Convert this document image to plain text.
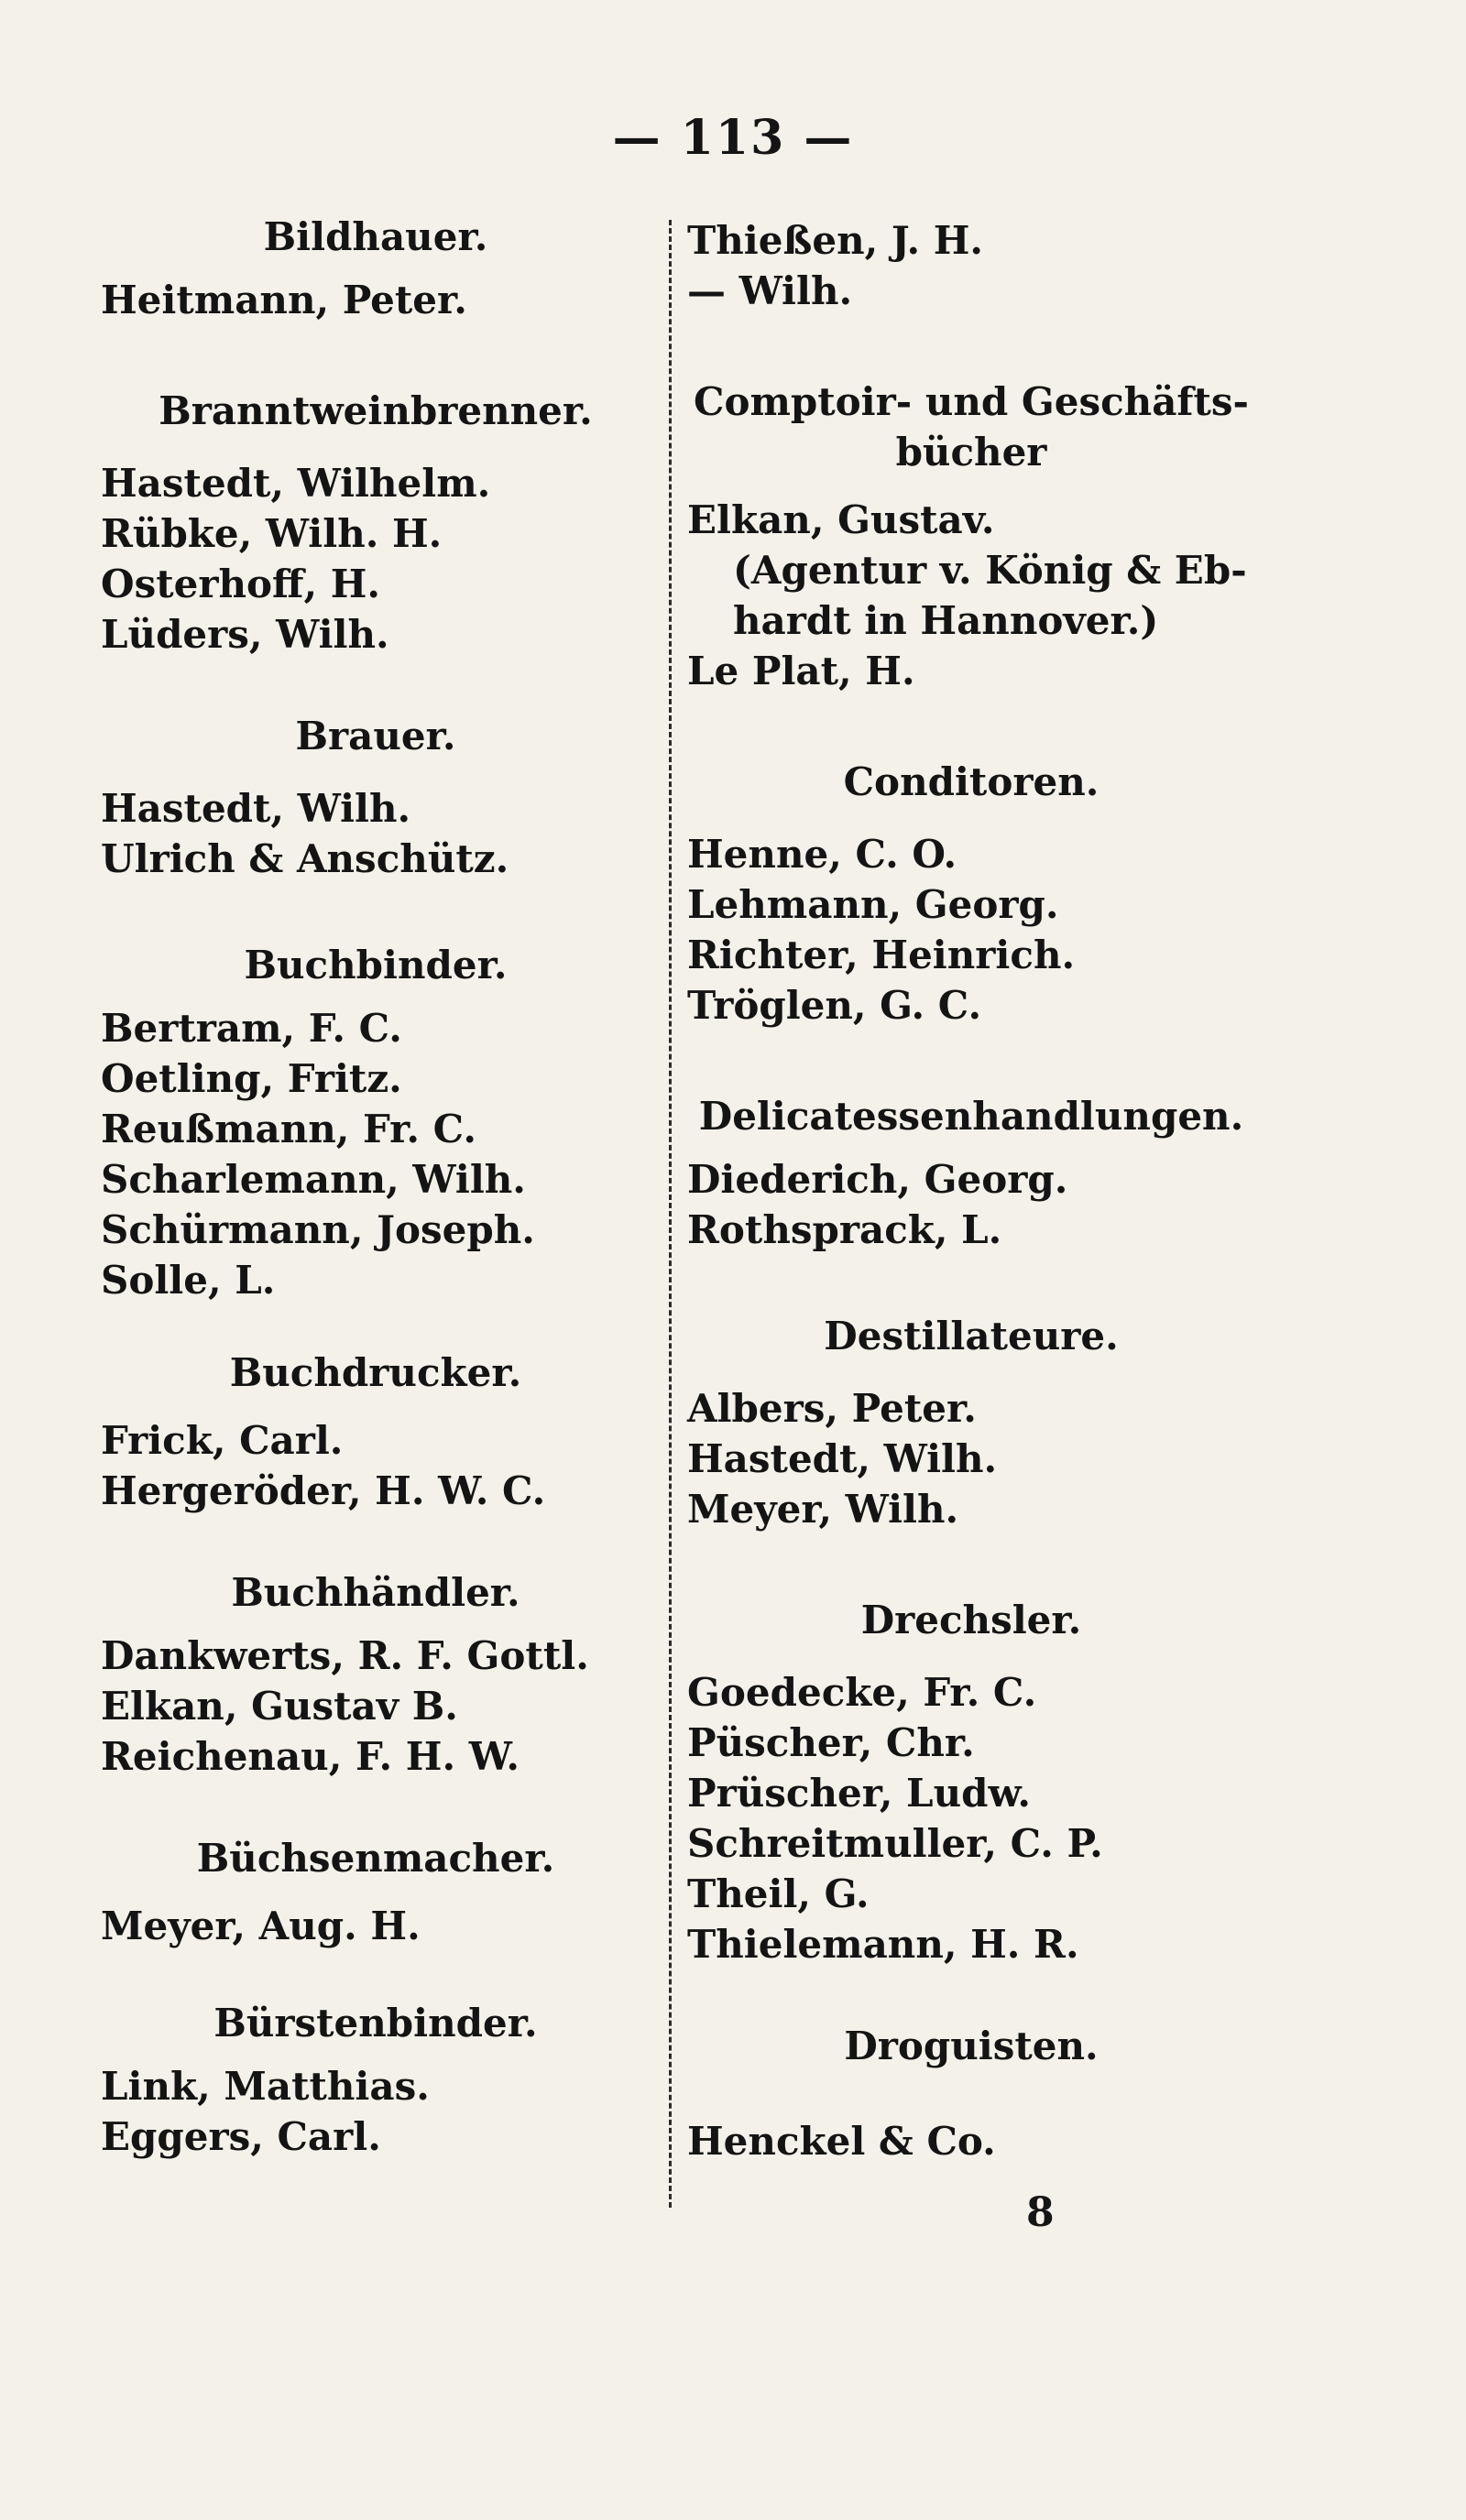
— 113 —
Bildhauer.
Heitmann, Peter.
Branntweinbrenner.
Hastedt, Wilhelm.
Rübke, Wilh. H.
Osterhoff, H.
Lüders, Wilh.
Brauer.
Hastedt, Wilh.
Ulrich & Anschütz.
Buchbinder.
Bertram, F. C.
Oetling, Fritz.
Reußmann, Fr. C.
Scharlemann, Wilh.
Schürmann, Joseph.
Solle, L.
Buchdrucker.
Frick, Carl.
Hergeröder, H. W. C.
Buchhändler.
Dankwerts, R. F. Gottl.
Elkan, Gustav B.
Reichenau, F. H. W.
Büchsenmacher.
Meyer, Aug. H.
Bürstenbinder.
Link, Matthias.
Eggers, Carl.
Thießen, J. H.
— Wilh.
Comptoir- und Geschäfts-
bücher
Elkan, Gustav.
(Agentur v. König & Eb-
hardt in Hannover.)
Le Plat, H.
Conditoren.
Henne, C. O.
Lehmann, Georg.
Richter, Heinrich.
Tröglen, G. C.
Delicatessenhandlungen.
Diederich, Georg.
Rothsprack, L.
Destillateure.
Albers, Peter.
Hastedt, Wilh.
Meyer, Wilh.
Drechsler.
Goedecke, Fr. C.
Püscher, Chr.
Prüscher, Ludw.
Schreitmuller, C. P.
Theil, G.
Thielemann, H. R.
Droguisten.
Henckel & Co.
8
